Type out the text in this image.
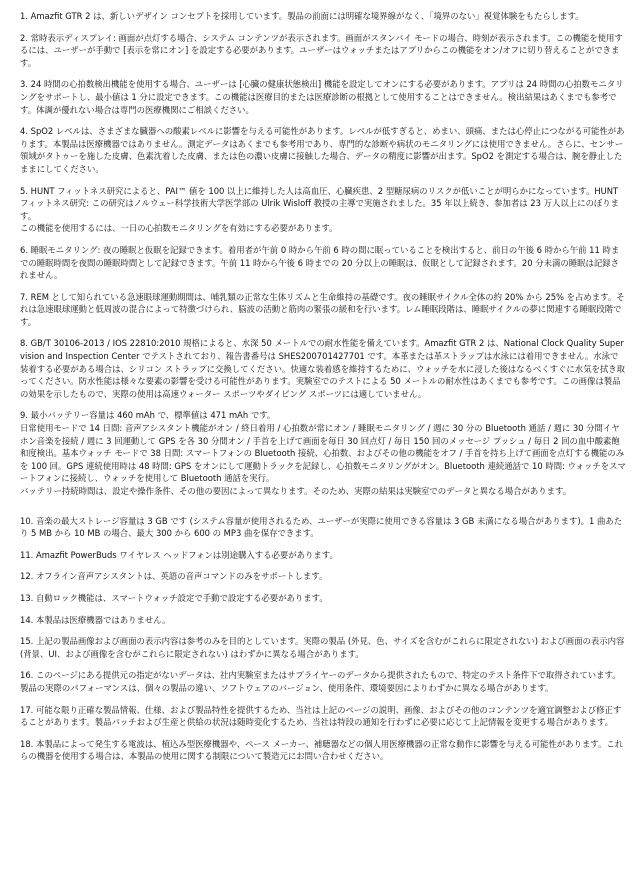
1. Amazfit GTR 2 は、新しいデザイン コンセプトを採用しています。製品の前面には明確な境界線がなく、「境界のない」視覚体験をもたらします。

2. 常時表示ディスプレイ: 画面が点灯する場合、システム コンテンツが表示されます。画面がスタンバイ モードの場合、時刻が表示されます。この機能を使用するには、ユーザーが手動で [表示を常にオン] を設定する必要があります。ユーザーはウォッチまたはアプリからこの機能をオン/オフに切り替えることができます。

3. 24 時間の心拍数検出機能を使用する場合、ユーザーは [心臓の健康状態検出] 機能を設定してオンにする必要があります。アプリは 24 時間の心拍数モニタリングをサポートし、最小値は 1 分に設定できます。この機能は医療目的または医療診断の根拠として使用することはできません。検出結果はあくまでも参考です。体調が優れない場合は専門の医療機関にご相談ください。

4. SpO2 レベルは、さまざまな臓器への酸素レベルに影響を与える可能性があります。レベルが低すぎると、めまい、頭痛、または心停止につながる可能性があります。本製品は医療機器ではありません。測定データはあくまでも参考用であり、専門的な診断や病状のモニタリングには使用できません。さらに、センサー領域がタトゥーを施した皮膚、色素沈着した皮膚、または色の濃い皮膚に接触した場合、データの精度に影響が出ます。SpO2 を測定する場合は、腕を静止したままにしてください。

5. HUNT フィットネス研究によると、PAI™ 値を 100 以上に維持した人は高血圧、心臓疾患、2 型糖尿病のリスクが低いことが明らかになっています。HUNT フィットネス研究: この研究はノルウェー科学技術大学医学部の Ulrik Wisloff 教授の主導で実施されました。35 年以上続き、参加者は 23 万人以上にのぼります。
この機能を使用するには、一日の心拍数モニタリングを有効にする必要があります。

6. 睡眠モニタリング: 夜の睡眠と仮眠を記録できます。着用者が午前 0 時から午前 6 時の間に眠っていることを検出すると、前日の午後 6 時から午前 11 時までの睡眠時間を夜間の睡眠時間として記録できます。午前 11 時から午後 6 時までの 20 分以上の睡眠は、仮眠として記録されます。20 分未満の睡眠は記録されません。

7. REM として知られている急速眼球運動期間は、哺乳類の正常な生体リズムと生命維持の基礎です。夜の睡眠サイクル全体の約 20% から 25% を占めます。それは急速眼球運動と低周波の混合によって特徴づけられ、脳波の活動と筋肉の緊張の緩和を行います。レム睡眠段階は、睡眠サイクルの夢に関連する睡眠段階です。

8. GB/T 30106-2013 / IOS 22810:2010 規格によると、水深 50 メートルでの耐水性能を備えています。Amazfit GTR 2 は、National Clock Quality Supervision and Inspection Center でテストされており、報告書番号は SHES200701427701 です。本革または革ストラップは水泳には着用できません。水泳で装着する必要がある場合は、シリコン ストラップに交換してください。快適な装着感を維持するために、ウォッチを水に浸した後はなるべくすぐに水気を拭き取ってください。防水性能は様々な要素の影響を受ける可能性があります。実験室でのテストによる 50 メートルの耐水性はあくまでも参考です。この画像は製品の効果を示したもので、実際の使用は高速ウォーター スポーツやダイビング スポーツには適していません。

9. 最小バッテリー容量は 460 mAh で、標準値は 471 mAh です。
日常使用モードで 14 日間: 音声アシスタント機能がオン / 終日着用 / 心拍数が常にオン / 睡眠モニタリング / 週に 30 分の Bluetooth 通話 / 週に 30 分間イヤホン音楽を接続 / 週に 3 回運動して GPS を各 30 分間オン / 手首を上げて画面を毎日 30 回点灯 / 毎日 150 回のメッセージ プッシュ / 毎日 2 回の血中酸素飽和度検出。基本ウォッチ モードで 38 日間: スマートフォンの Bluetooth 接続、心拍数、およびその他の機能をオフ / 手首を持ち上げて画面を点灯する機能のみを 100 回。GPS 連続使用時は 48 時間: GPS をオンにして運動トラックを記録し、心拍数モニタリングがオン。Bluetooth 連続通話で 10 時間: ウォッチをスマートフォンに接続し、ウォッチを使用して Bluetooth 通話を実行。
バッテリー持続時間は、設定や操作条件、その他の要因によって異なります。そのため、実際の結果は実験室でのデータと異なる場合があります。

10. 音楽の最大ストレージ容量は 3 GB です (システム容量が使用されるため、ユーザーが実際に使用できる容量は 3 GB 未満になる場合があります)。1 曲あたり 5 MB から 10 MB の場合、最大 300 から 600 の MP3 曲を保存できます。

11. Amazfit PowerBuds ワイヤレス ヘッドフォンは別途購入する必要があります。

12. オフライン音声アシスタントは、英語の音声コマンドのみをサポートします。

13. 自動ロック機能は、スマートウォッチ設定で手動で設定する必要があります。

14. 本製品は医療機器ではありません。

15. 上記の製品画像および画面の表示内容は参考のみを目的としています。実際の製品 (外見、色、サイズを含むがこれらに限定されない) および画面の表示内容 (背景、UI、および画像を含むがこれらに限定されない) はわずかに異なる場合があります。

16. このページにある提供元の指定がないデータは、社内実験室またはサプライヤーのデータから提供されたもので、特定のテスト条件下で取得されています。製品の実際のパフォーマンスは、個々の製品の違い、ソフトウェアのバージョン、使用条件、環境要因によりわずかに異なる場合があります。

17. 可能な限り正確な製品情報、仕様、および製品特性を提供するため、当社は上記のページの説明、画像、およびその他のコンテンツを適宜調整および修正することがあります。製品バッチおよび生産と供給の状況は随時変化するため、当社は特段の通知を行わずに必要に応じて上記情報を変更する場合があります。

18. 本製品によって発生する電波は、植込み型医療機器や、ペース メーカー、補聴器などの個人用医療機器の正常な動作に影響を与える可能性があります。これらの機器を使用する場合は、本製品の使用に関する制限について製造元にお問い合わせください。
